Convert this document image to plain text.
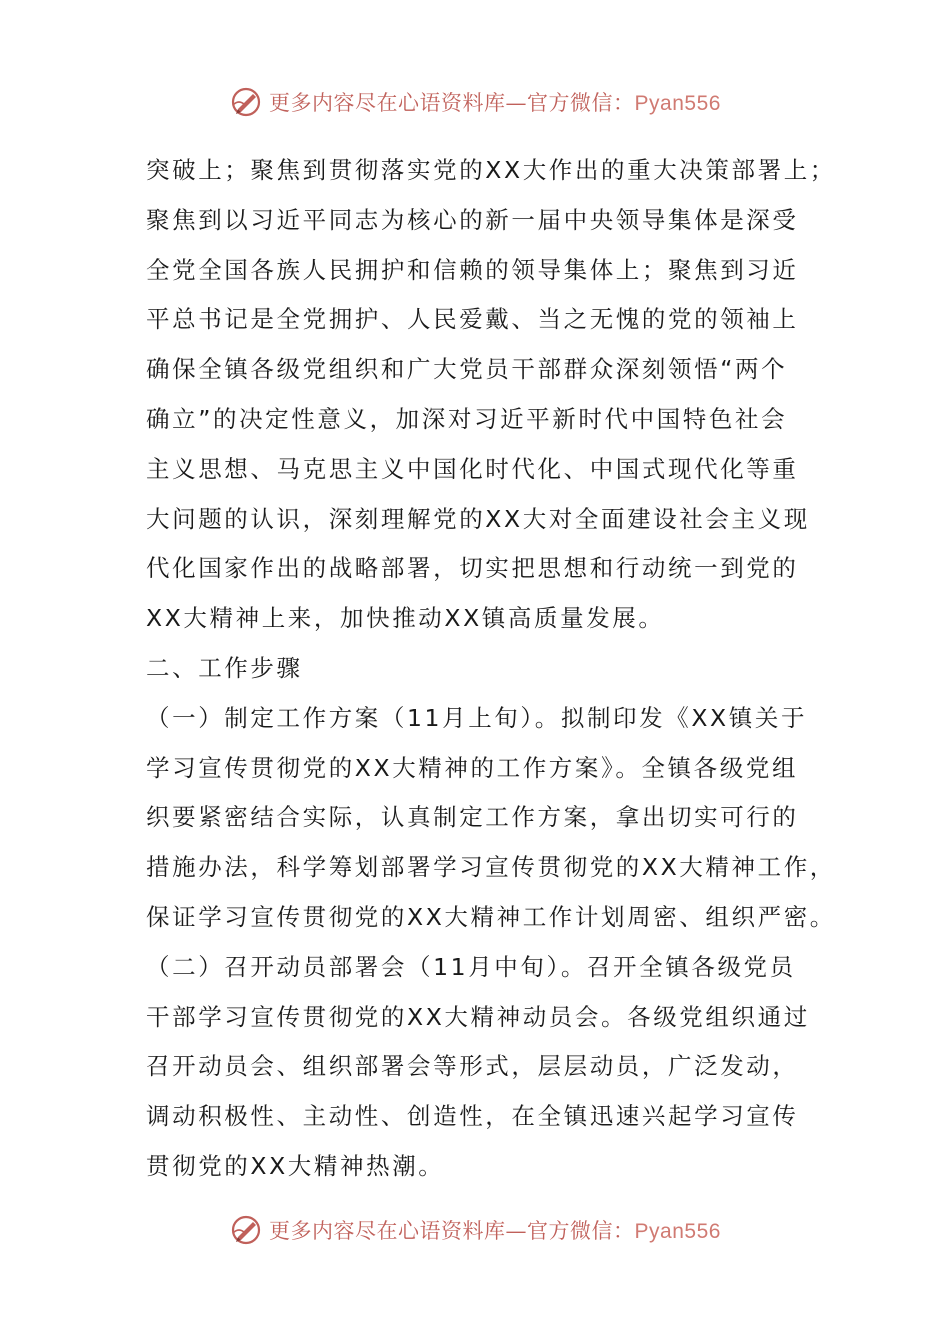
更多内容尽在心语资料库—官方微信：Pyan556
突破上；聚焦到贯彻落实党的XX大作出的重大决策部署上；
聚焦到以习近平同志为核心的新一届中央领导集体是深受
全党全国各族人民拥护和信赖的领导集体上；聚焦到习近
平总书记是全党拥护、人民爱戴、当之无愧的党的领袖上
确保全镇各级党组织和广大党员干部群众深刻领悟“两个
确立”的决定性意义，加深对习近平新时代中国特色社会
主义思想、马克思主义中国化时代化、中国式现代化等重
大问题的认识，深刻理解党的XX大对全面建设社会主义现
代化国家作出的战略部署，切实把思想和行动统一到党的
XX大精神上来，加快推动XX镇高质量发展。
二、工作步骤
（一）制定工作方案（11月上旬）。拟制印发《XX镇关于
学习宣传贯彻党的XX大精神的工作方案》。全镇各级党组
织要紧密结合实际，认真制定工作方案，拿出切实可行的
措施办法，科学筹划部署学习宣传贯彻党的XX大精神工作，
保证学习宣传贯彻党的XX大精神工作计划周密、组织严密。
（二）召开动员部署会（11月中旬）。召开全镇各级党员
干部学习宣传贯彻党的XX大精神动员会。各级党组织通过
召开动员会、组织部署会等形式，层层动员，广泛发动，
调动积极性、主动性、创造性，在全镇迅速兴起学习宣传
贯彻党的XX大精神热潮。
更多内容尽在心语资料库—官方微信：Pyan556
